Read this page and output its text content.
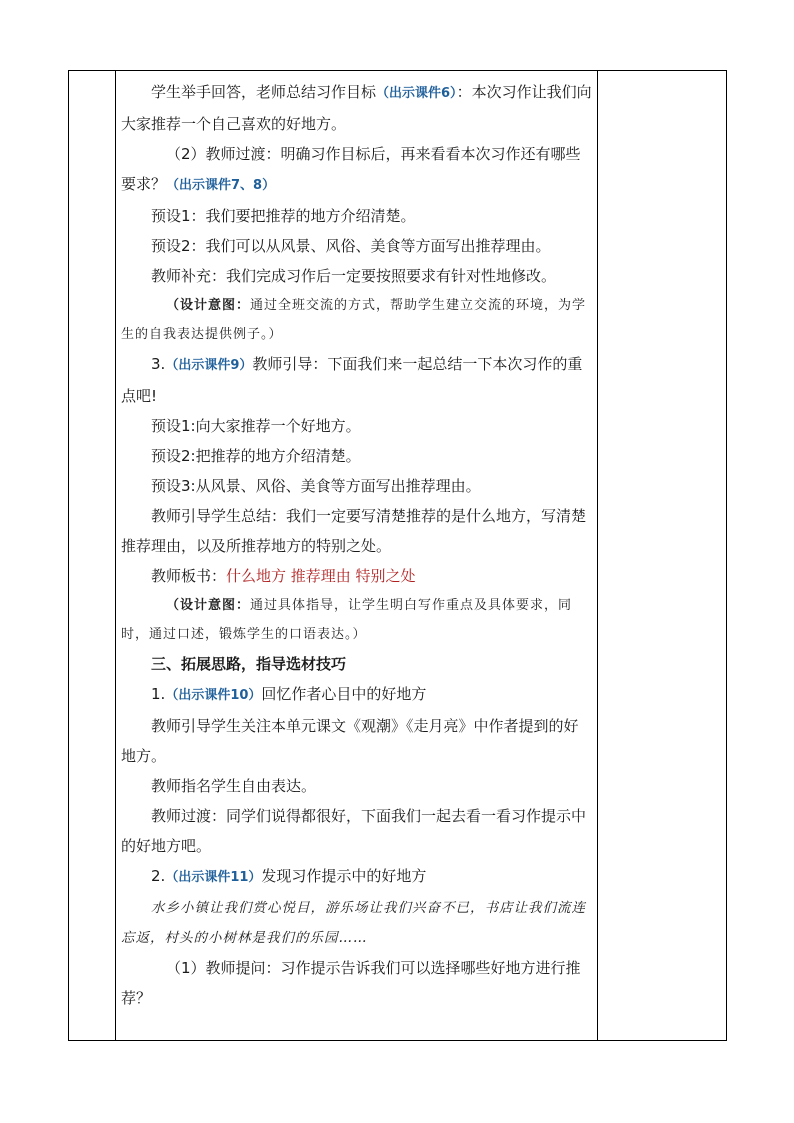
学生举手回答，老师总结习作目标（出示课件6）：本次习作让我们向大家推荐一个自己喜欢的好地方。

（2）教师过渡：明确习作目标后，再来看看本次习作还有哪些要求？（出示课件7、8）

预设1：我们要把推荐的地方介绍清楚。

预设2：我们可以从风景、风俗、美食等方面写出推荐理由。

教师补充：我们完成习作后一定要按照要求有针对性地修改。

（设计意图：通过全班交流的方式，帮助学生建立交流的环境，为学生的自我表达提供例子。）

3.（出示课件9）教师引导：下面我们来一起总结一下本次习作的重点吧!

预设1:向大家推荐一个好地方。

预设2:把推荐的地方介绍清楚。

预设3:从风景、风俗、美食等方面写出推荐理由。

教师引导学生总结：我们一定要写清楚推荐的是什么地方，写清楚推荐理由，以及所推荐地方的特别之处。

教师板书：什么地方 推荐理由 特别之处

（设计意图：通过具体指导，让学生明白写作重点及具体要求，同时，通过口述，锻炼学生的口语表达。）

三、拓展思路，指导选材技巧

1.（出示课件10）回忆作者心目中的好地方

教师引导学生关注本单元课文《观潮》《走月亮》中作者提到的好地方。

教师指名学生自由表达。

教师过渡：同学们说得都很好，下面我们一起去看一看习作提示中的好地方吧。

2.（出示课件11）发现习作提示中的好地方

水乡小镇让我们赏心悦目，游乐场让我们兴奋不已，书店让我们流连忘返，村头的小树林是我们的乐园……

（1）教师提问：习作提示告诉我们可以选择哪些好地方进行推荐？
